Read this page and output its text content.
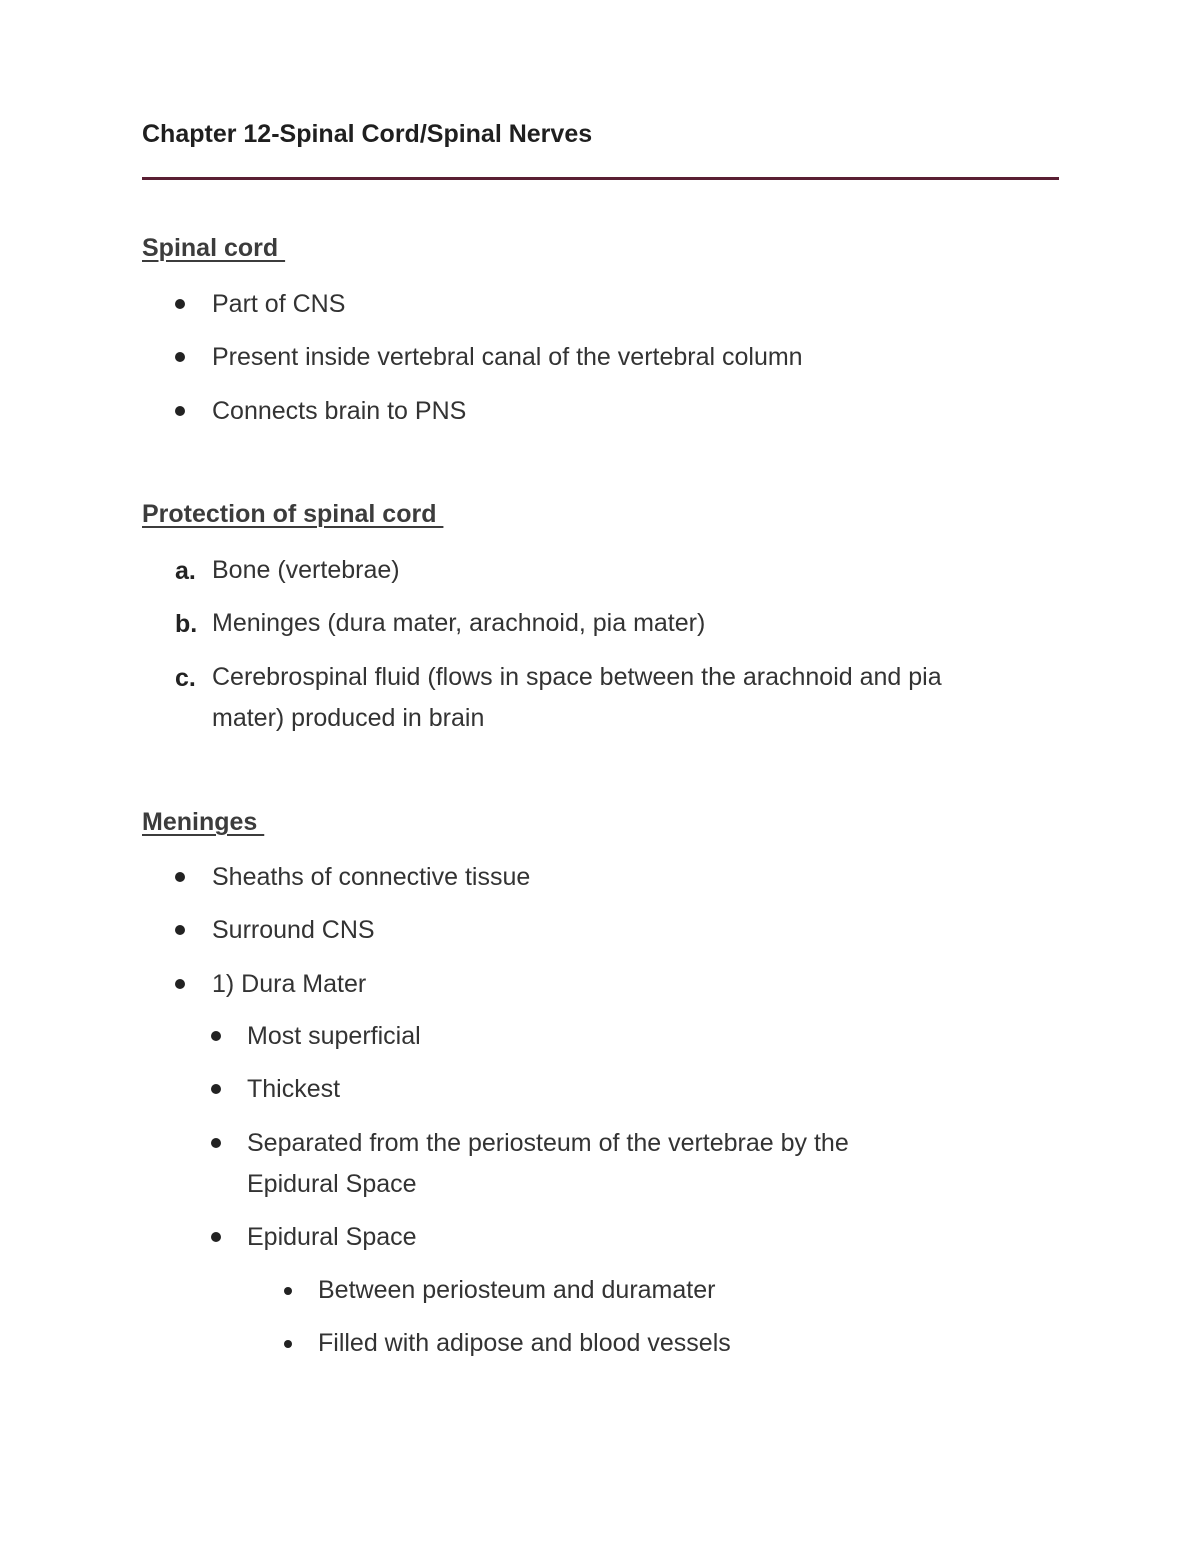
Chapter 12-Spinal Cord/Spinal Nerves
Spinal cord
Part of CNS
Present inside vertebral canal of the vertebral column
Connects brain to PNS
Protection of spinal cord
a. Bone (vertebrae)
b. Meninges (dura mater, arachnoid, pia mater)
c. Cerebrospinal fluid (flows in space between the arachnoid and pia
mater) produced in brain
Meninges
Sheaths of connective tissue
Surround CNS
1) Dura Mater
Most superficial
Thickest
Separated from the periosteum of the vertebrae by the
Epidural Space
Epidural Space
Between periosteum and duramater
Filled with adipose and blood vessels
